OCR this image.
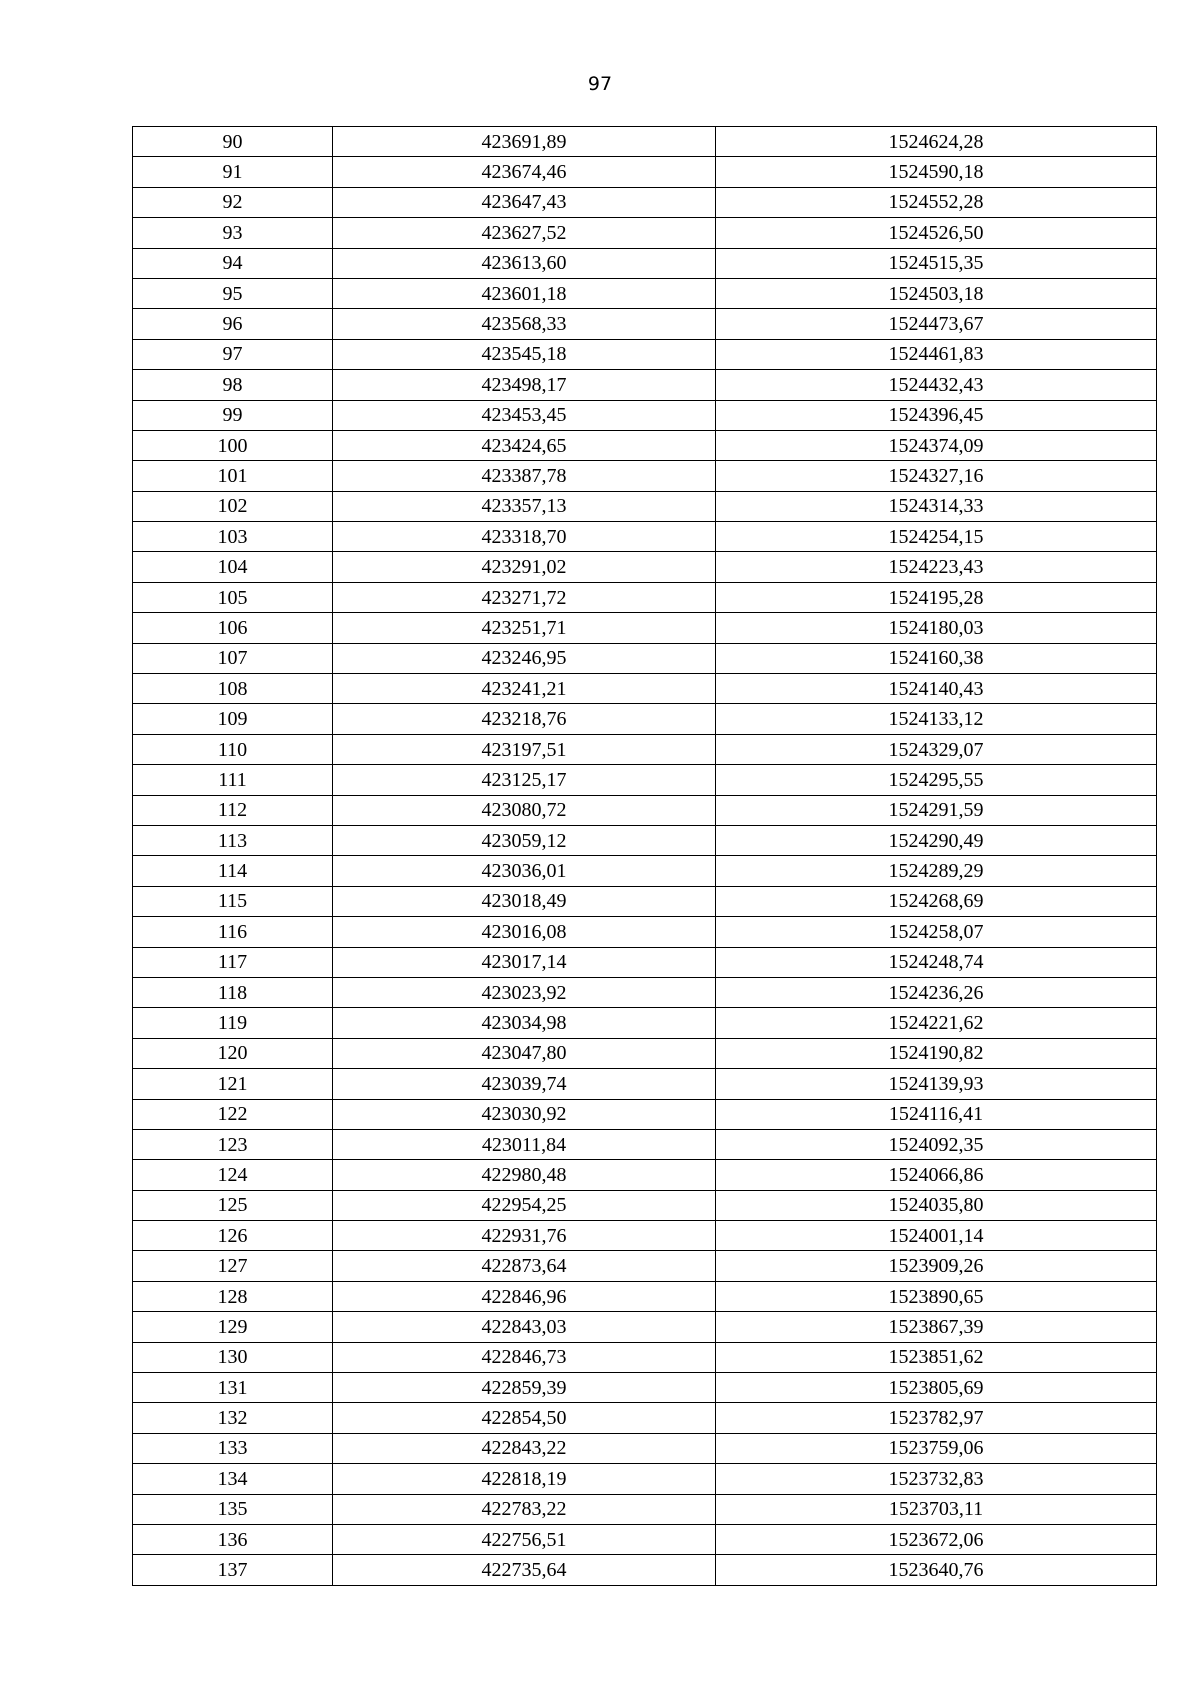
97
90	423691,89	1524624,28
91	423674,46	1524590,18
92	423647,43	1524552,28
93	423627,52	1524526,50
94	423613,60	1524515,35
95	423601,18	1524503,18
96	423568,33	1524473,67
97	423545,18	1524461,83
98	423498,17	1524432,43
99	423453,45	1524396,45
100	423424,65	1524374,09
101	423387,78	1524327,16
102	423357,13	1524314,33
103	423318,70	1524254,15
104	423291,02	1524223,43
105	423271,72	1524195,28
106	423251,71	1524180,03
107	423246,95	1524160,38
108	423241,21	1524140,43
109	423218,76	1524133,12
110	423197,51	1524329,07
111	423125,17	1524295,55
112	423080,72	1524291,59
113	423059,12	1524290,49
114	423036,01	1524289,29
115	423018,49	1524268,69
116	423016,08	1524258,07
117	423017,14	1524248,74
118	423023,92	1524236,26
119	423034,98	1524221,62
120	423047,80	1524190,82
121	423039,74	1524139,93
122	423030,92	1524116,41
123	423011,84	1524092,35
124	422980,48	1524066,86
125	422954,25	1524035,80
126	422931,76	1524001,14
127	422873,64	1523909,26
128	422846,96	1523890,65
129	422843,03	1523867,39
130	422846,73	1523851,62
131	422859,39	1523805,69
132	422854,50	1523782,97
133	422843,22	1523759,06
134	422818,19	1523732,83
135	422783,22	1523703,11
136	422756,51	1523672,06
137	422735,64	1523640,76
